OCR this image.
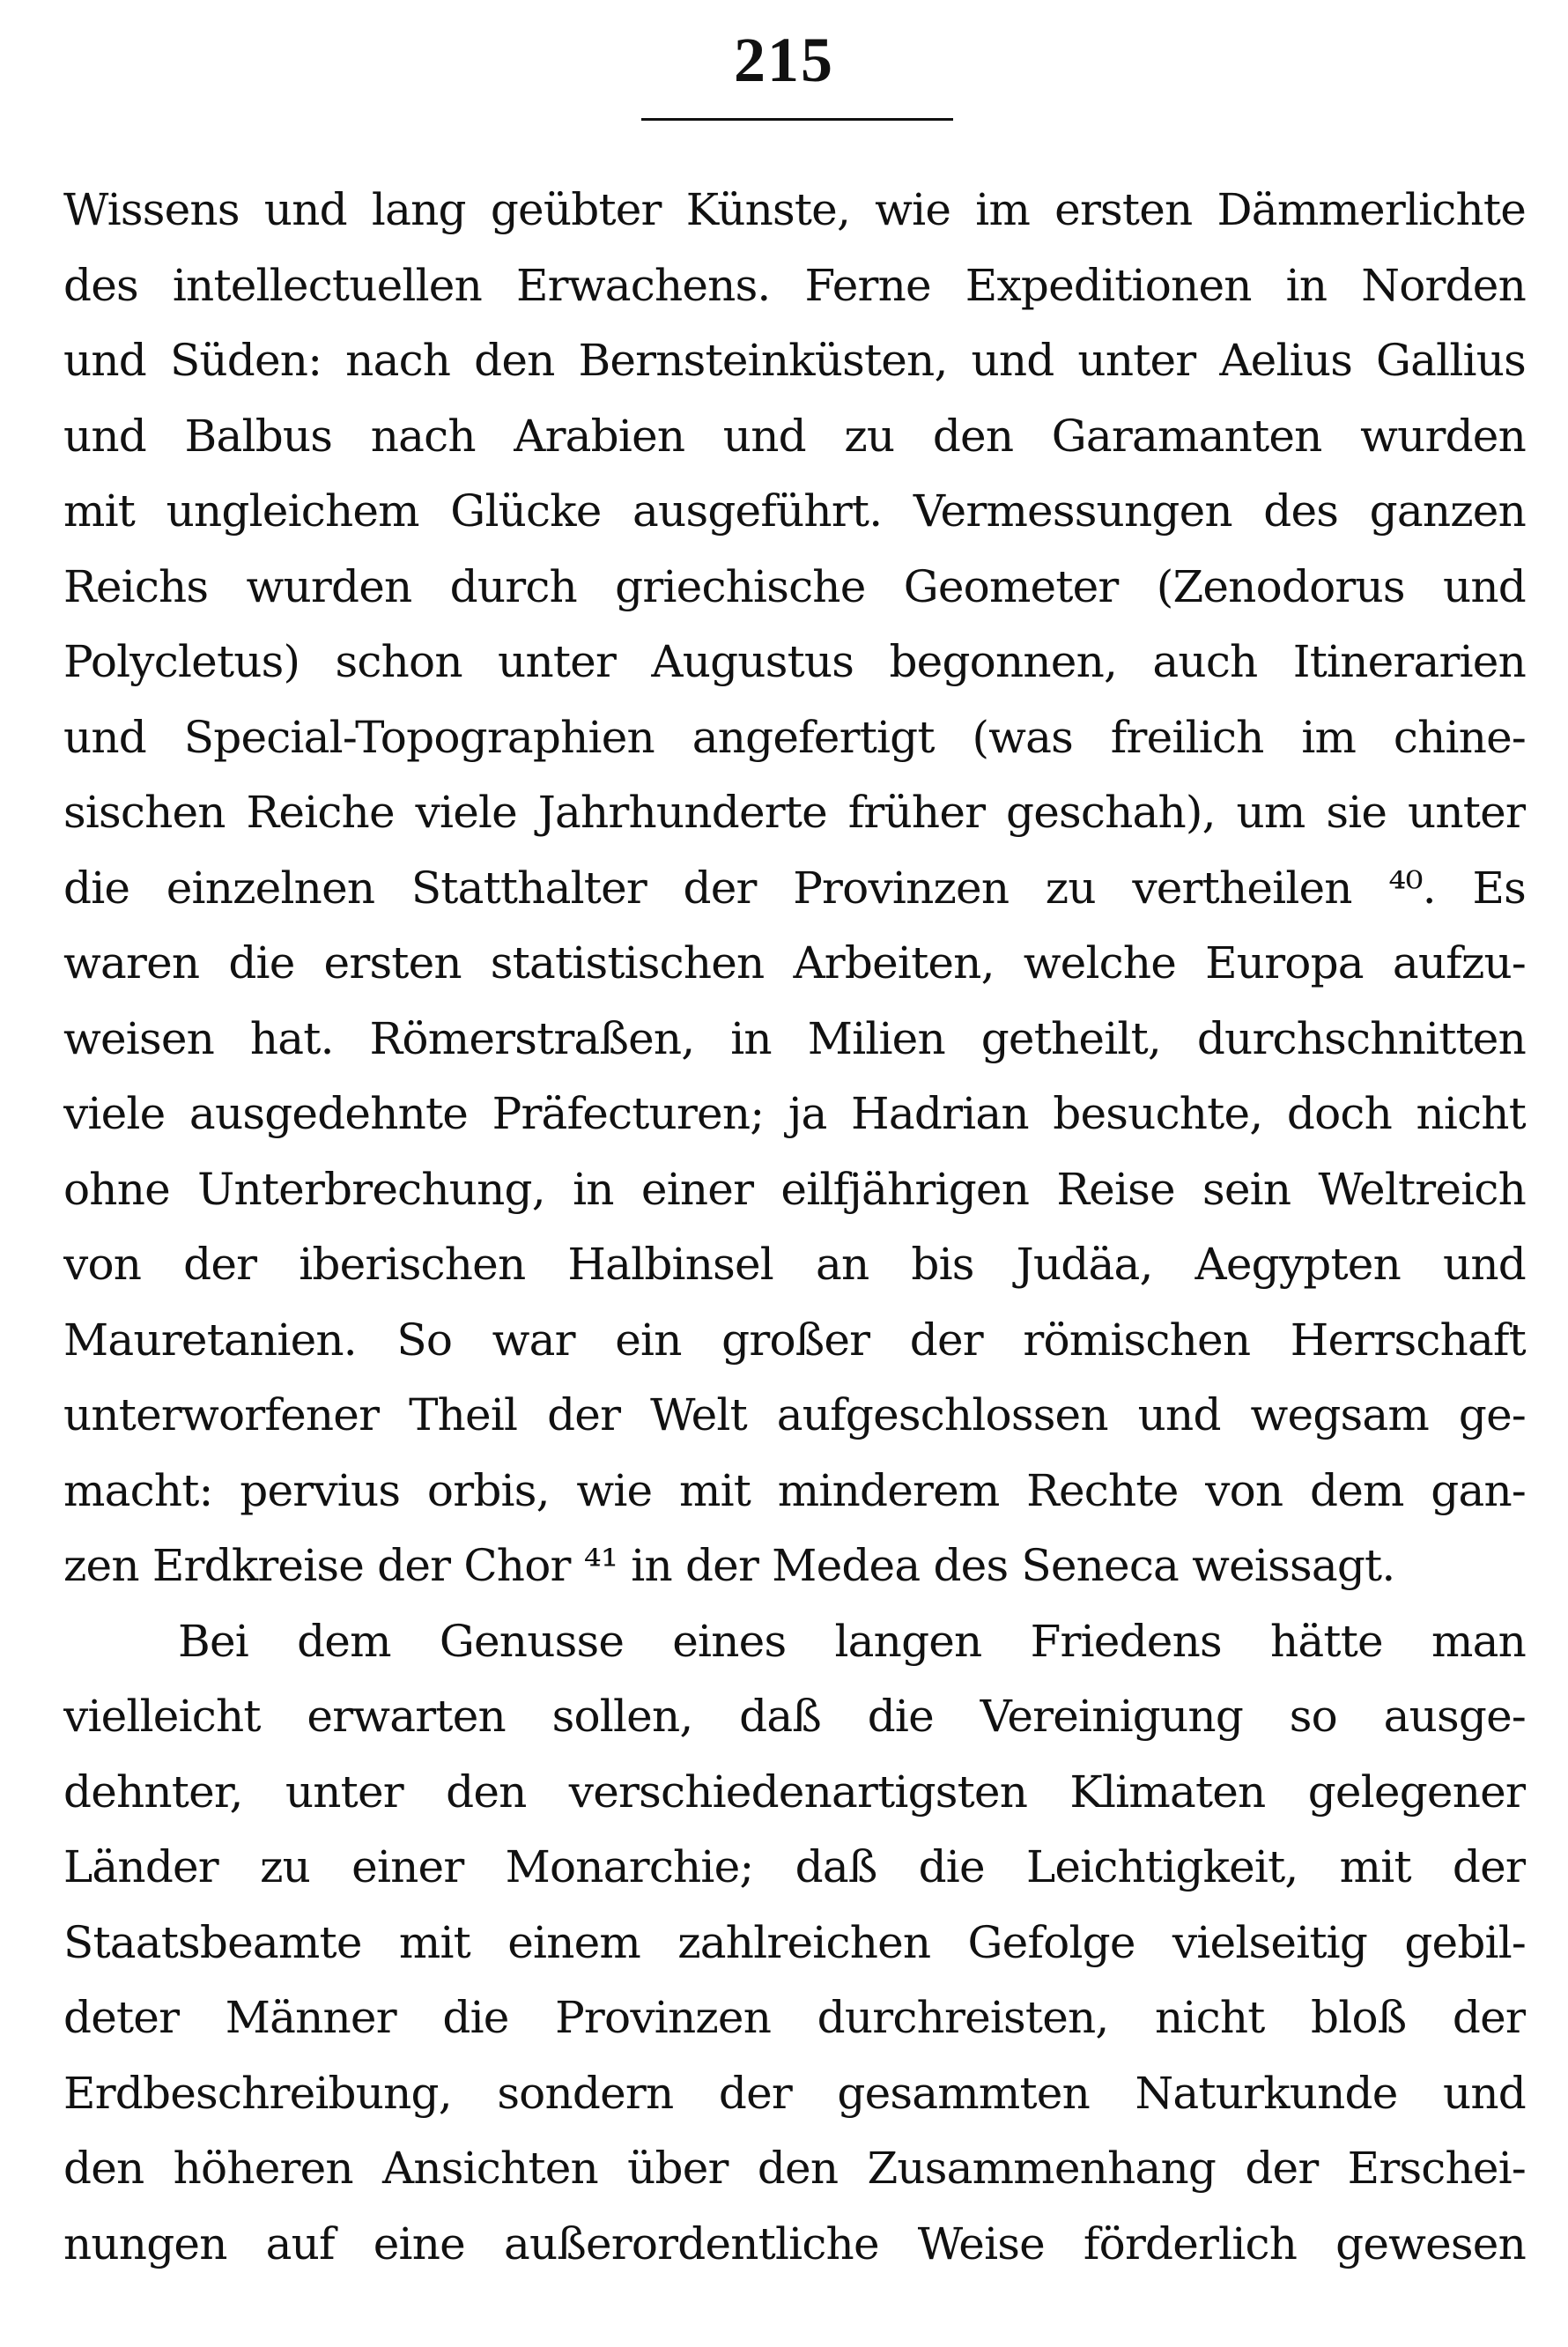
215
Wissens und lang geübter Künste, wie im ersten Dämmerlichte
des intellectuellen Erwachens. Ferne Expeditionen in Norden
und Süden: nach den Bernsteinküsten, und unter Aelius Gallius
und Balbus nach Arabien und zu den Garamanten wurden
mit ungleichem Glücke ausgeführt. Vermessungen des ganzen
Reichs wurden durch griechische Geometer (Zenodorus und
Polycletus) schon unter Augustus begonnen, auch Itinerarien
und Special-Topographien angefertigt (was freilich im chine-
sischen Reiche viele Jahrhunderte früher geschah), um sie unter
die einzelnen Statthalter der Provinzen zu vertheilen ⁴⁰. Es
waren die ersten statistischen Arbeiten, welche Europa aufzu-
weisen hat. Römerstraßen, in Milien getheilt, durchschnitten
viele ausgedehnte Präfecturen; ja Hadrian besuchte, doch nicht
ohne Unterbrechung, in einer eilfjährigen Reise sein Weltreich
von der iberischen Halbinsel an bis Judäa, Aegypten und
Mauretanien. So war ein großer der römischen Herrschaft
unterworfener Theil der Welt aufgeschlossen und wegsam ge-
macht: pervius orbis, wie mit minderem Rechte von dem gan-
zen Erdkreise der Chor ⁴¹ in der Medea des Seneca weissagt.
Bei dem Genusse eines langen Friedens hätte man
vielleicht erwarten sollen, daß die Vereinigung so ausge-
dehnter, unter den verschiedenartigsten Klimaten gelegener
Länder zu einer Monarchie; daß die Leichtigkeit, mit der
Staatsbeamte mit einem zahlreichen Gefolge vielseitig gebil-
deter Männer die Provinzen durchreisten, nicht bloß der
Erdbeschreibung, sondern der gesammten Naturkunde und
den höheren Ansichten über den Zusammenhang der Erschei-
nungen auf eine außerordentliche Weise förderlich gewesen
